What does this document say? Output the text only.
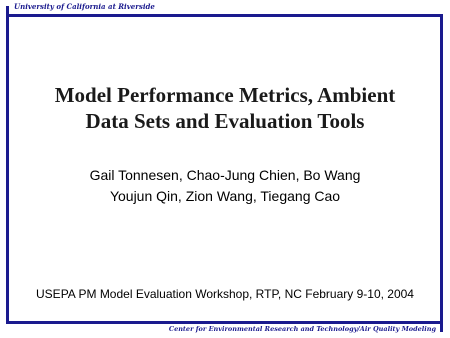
University of California at Riverside
Model Performance Metrics, Ambient
Data Sets and Evaluation Tools
Gail Tonnesen, Chao-Jung Chien, Bo Wang
Youjun Qin, Zion Wang, Tiegang Cao
USEPA PM Model Evaluation Workshop, RTP, NC February 9-10, 2004
Center for Environmental Research and Technology/Air Quality Modeling
